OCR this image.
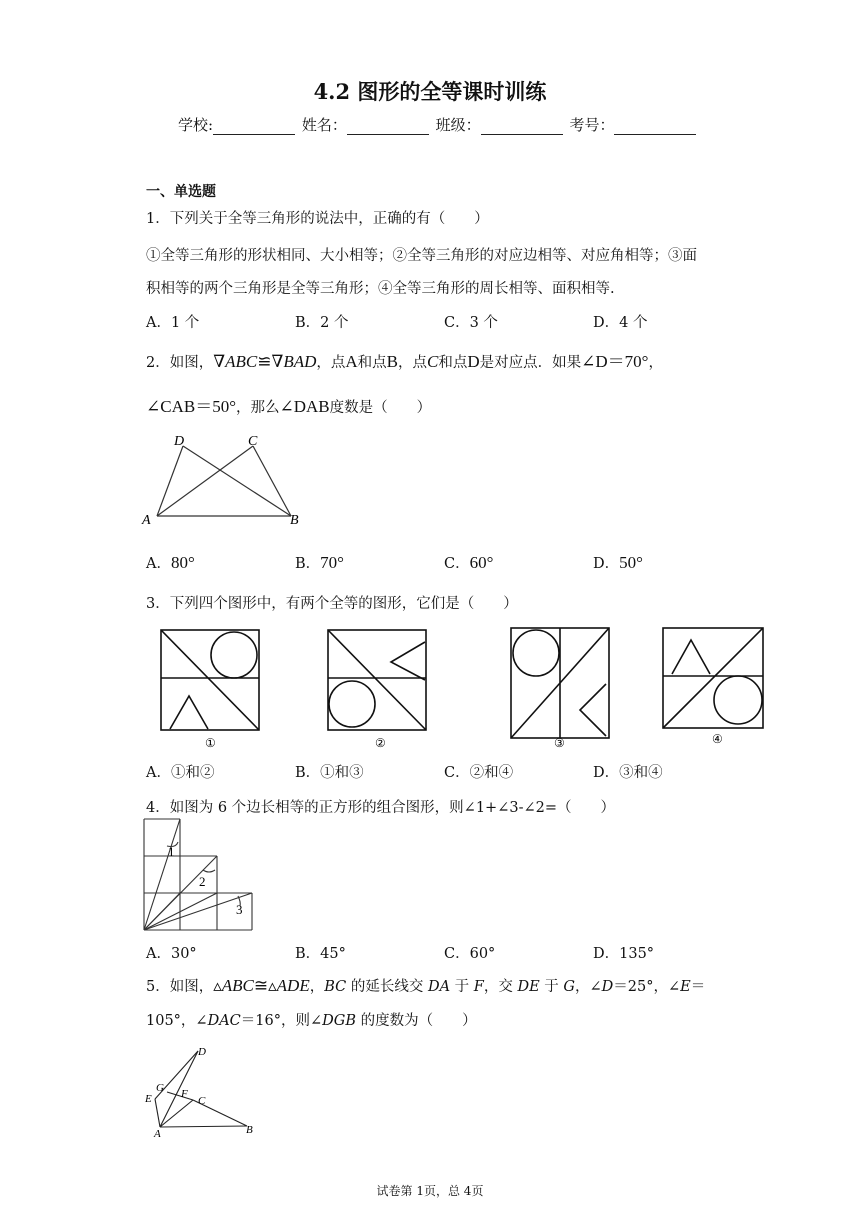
4.2 图形的全等课时训练
学校:	姓名：	班级：	考号：
一、单选题
1．下列关于全等三角形的说法中，正确的有（　　）
①全等三角形的形状相同、大小相等；②全等三角形的对应边相等、对应角相等；③面
积相等的两个三角形是全等三角形；④全等三角形的周长相等、面积相等.
A．1 个	B．2 个	C．3 个	D．4 个
2．如图，∇ABC≌∇BAD，点A和点B，点C和点D是对应点．如果∠D＝70°，
∠CAB＝50°，那么∠DAB度数是（　　）
D	C
A	B
A．80°	B．70°	C．60°	D．50°
3．下列四个图形中，有两个全等的图形，它们是（　　）
①	②	③	④
A．①和②	B．①和③	C．②和④	D．③和④
4．如图为 6 个边长相等的正方形的组合图形，则∠1+∠3-∠2=（　　）
1
2
3
A．30°	B．45°	C．60°	D．135°
5．如图，▵ABC≅▵ADE，BC 的延长线交 DA 于 F，交 DE 于 G，∠D＝25°，∠E＝
105°，∠DAC＝16°，则∠DGB 的度数为（　　）
D
G F
E	C
A	B
试卷第 1页，总 4页
